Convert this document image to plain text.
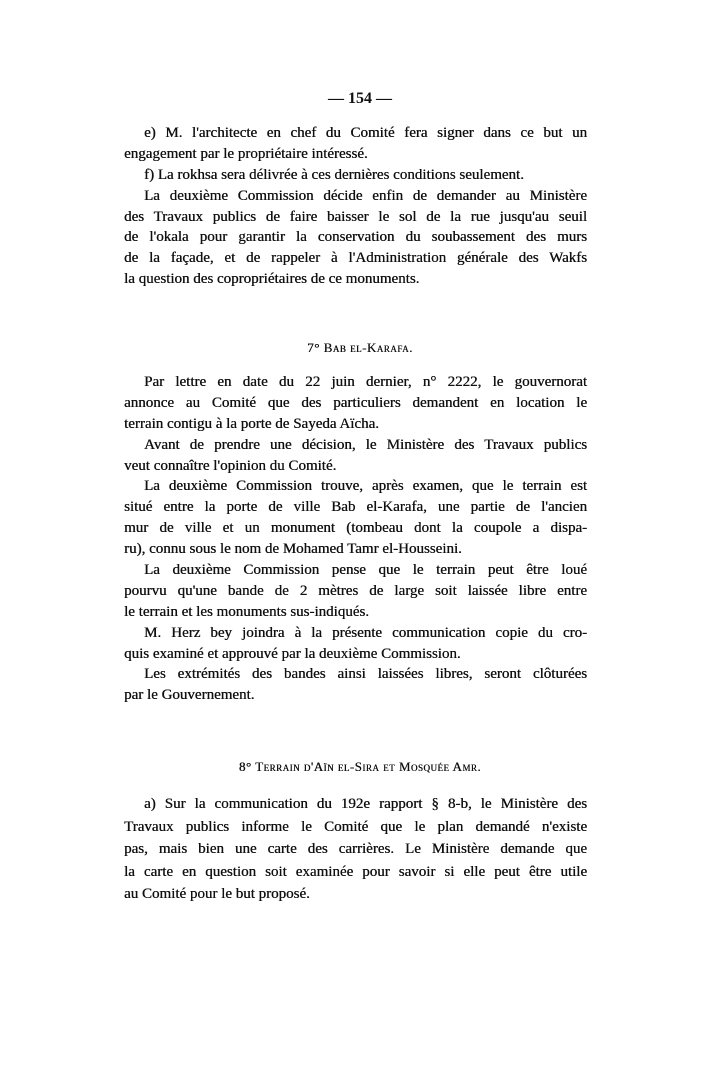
— 154 —
e) M. l'architecte en chef du Comité fera signer dans ce but un
engagement par le propriétaire intéressé.
f) La rokhsa sera délivrée à ces dernières conditions seulement.
La deuxième Commission décide enfin de demander au Ministère
des Travaux publics de faire baisser le sol de la rue jusqu'au seuil
de l'okala pour garantir la conservation du soubassement des murs
de la façade, et de rappeler à l'Administration générale des Wakfs
la question des copropriétaires de ce monuments.
7° Bab el-Karafa.
Par lettre en date du 22 juin dernier, n° 2222, le gouvernorat
annonce au Comité que des particuliers demandent en location le
terrain contigu à la porte de Sayeda Aïcha.
Avant de prendre une décision, le Ministère des Travaux publics
veut connaître l'opinion du Comité.
La deuxième Commission trouve, après examen, que le terrain est
situé entre la porte de ville Bab el-Karafa, une partie de l'ancien
mur de ville et un monument (tombeau dont la coupole a dispa-
ru), connu sous le nom de Mohamed Tamr el-Housseini.
La deuxième Commission pense que le terrain peut être loué
pourvu qu'une bande de 2 mètres de large soit laissée libre entre
le terrain et les monuments sus-indiqués.
M. Herz bey joindra à la présente communication copie du cro-
quis examiné et approuvé par la deuxième Commission.
Les extrémités des bandes ainsi laissées libres, seront clôturées
par le Gouvernement.
8° Terrain d'Aïn el-Sira et Mosquée Amr.
a) Sur la communication du 192e rapport § 8-b, le Ministère des
Travaux publics informe le Comité que le plan demandé n'existe
pas, mais bien une carte des carrières. Le Ministère demande que
la carte en question soit examinée pour savoir si elle peut être utile
au Comité pour le but proposé.
